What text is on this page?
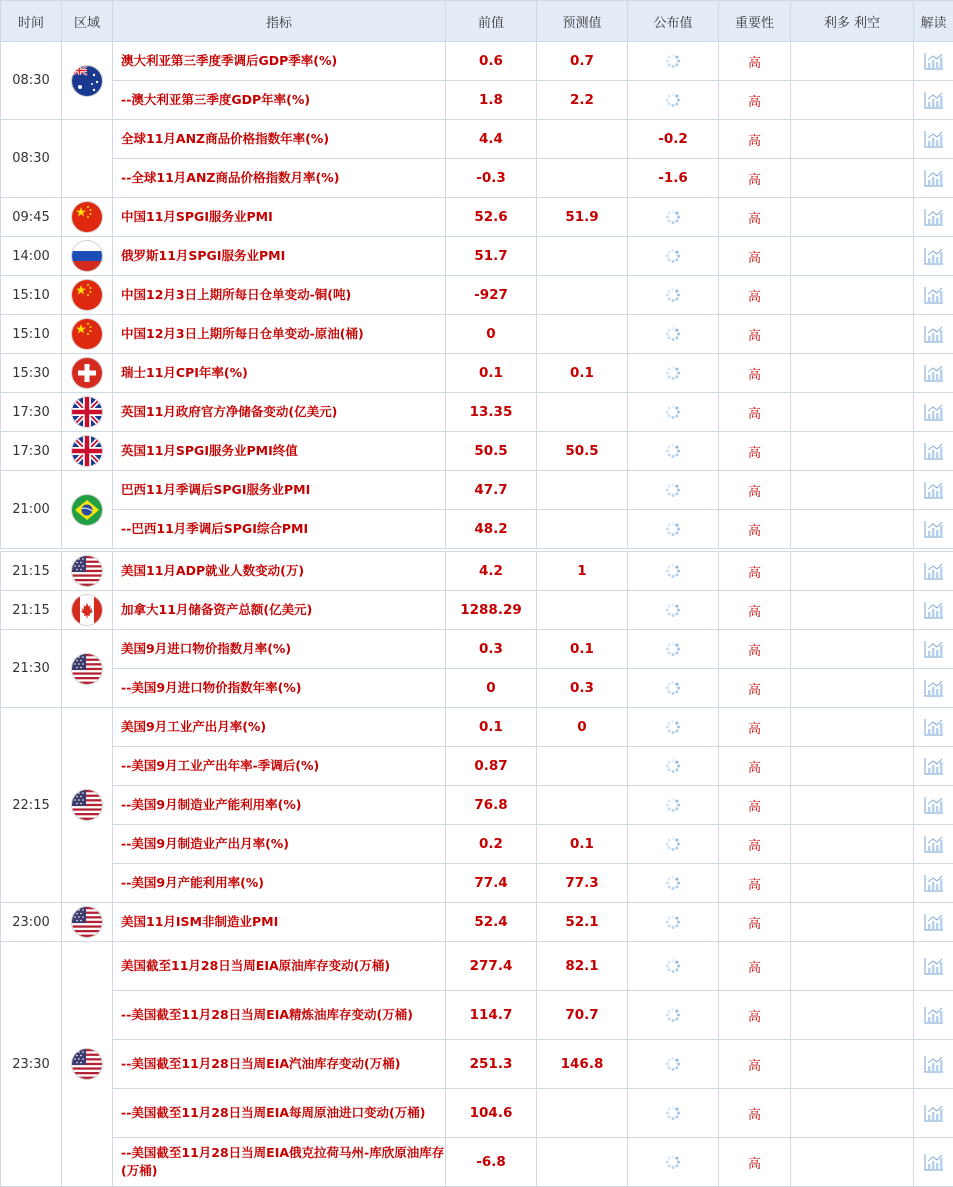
时间	区域	指标	前值	预测值	公布值	重要性	利多 利空	解读
08:30		澳大利亚第三季度季调后GDP季率(%)	0.6	0.7		高		

		--澳大利亚第三季度GDP年率(%)	1.8	2.2		高		

08:30		全球11月ANZ商品价格指数年率(%)	4.4		-0.2	高		

		--全球11月ANZ商品价格指数月率(%)	-0.3		-1.6	高		

09:45		中国11月SPGI服务业PMI	52.6	51.9		高		

14:00		俄罗斯11月SPGI服务业PMI	51.7			高		

15:10		中国12月3日上期所每日仓单变动-铜(吨)	-927			高		

15:10		中国12月3日上期所每日仓单变动-原油(桶)	0			高		

15:30		瑞士11月CPI年率(%)	0.1	0.1		高		

17:30		英国11月政府官方净储备变动(亿美元)	13.35			高		

17:30		英国11月SPGI服务业PMI终值	50.5	50.5		高		

21:00		巴西11月季调后SPGI服务业PMI	47.7			高		

		--巴西11月季调后SPGI综合PMI	48.2			高		

21:15		美国11月ADP就业人数变动(万)	4.2	1		高		

21:15		加拿大11月储备资产总额(亿美元)	1288.29			高		

21:30		美国9月进口物价指数月率(%)	0.3	0.1		高		

		--美国9月进口物价指数年率(%)	0	0.3		高		

22:15		美国9月工业产出月率(%)	0.1	0		高		

		--美国9月工业产出年率-季调后(%)	0.87			高		

		--美国9月制造业产能利用率(%)	76.8			高		

		--美国9月制造业产出月率(%)	0.2	0.1		高		

		--美国9月产能利用率(%)	77.4	77.3		高		

23:00		美国11月ISM非制造业PMI	52.4	52.1		高		

23:30		美国截至11月28日当周EIA原油库存变动(万桶)	277.4	82.1		高		

		--美国截至11月28日当周EIA精炼油库存变动(万桶)	114.7	70.7		高		

		--美国截至11月28日当周EIA汽油库存变动(万桶)	251.3	146.8		高		

		--美国截至11月28日当周EIA每周原油进口变动(万桶)	104.6			高		

		--美国截至11月28日当周EIA俄克拉荷马州-库欣原油库存(万桶)	-6.8			高		
